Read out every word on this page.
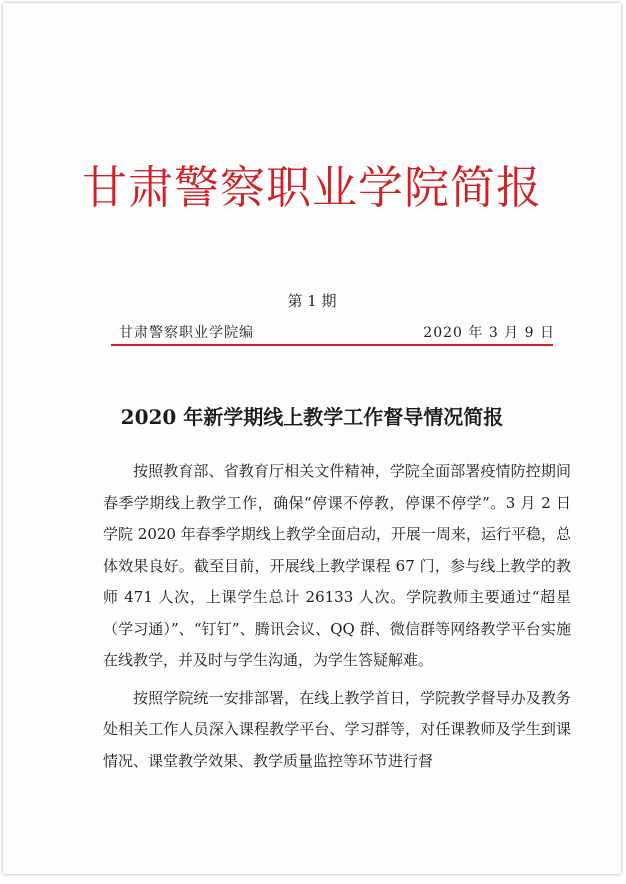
甘肃警察职业学院简报
第 1 期
甘肃警察职业学院编	2020 年 3 月 9 日
2020 年新学期线上教学工作督导情况简报

按照教育部、省教育厅相关文件精神，学院全面部署疫情防控期间春季学期线上教学工作，确保“停课不停教，停课不停学”。3 月 2 日学院 2020 年春季学期线上教学全面启动，开展一周来，运行平稳，总体效果良好。截至目前，开展线上教学课程 67 门，参与线上教学的教师 471 人次，上课学生总计 26133 人次。学院教师主要通过“超星（学习通）”、“钉钉”、腾讯会议、QQ 群、微信群等网络教学平台实施在线教学，并及时与学生沟通，为学生答疑解难。

按照学院统一安排部署，在线上教学首日，学院教学督导办及教务处相关工作人员深入课程教学平台、学习群等，对任课教师及学生到课情况、课堂教学效果、教学质量监控等环节进行督
